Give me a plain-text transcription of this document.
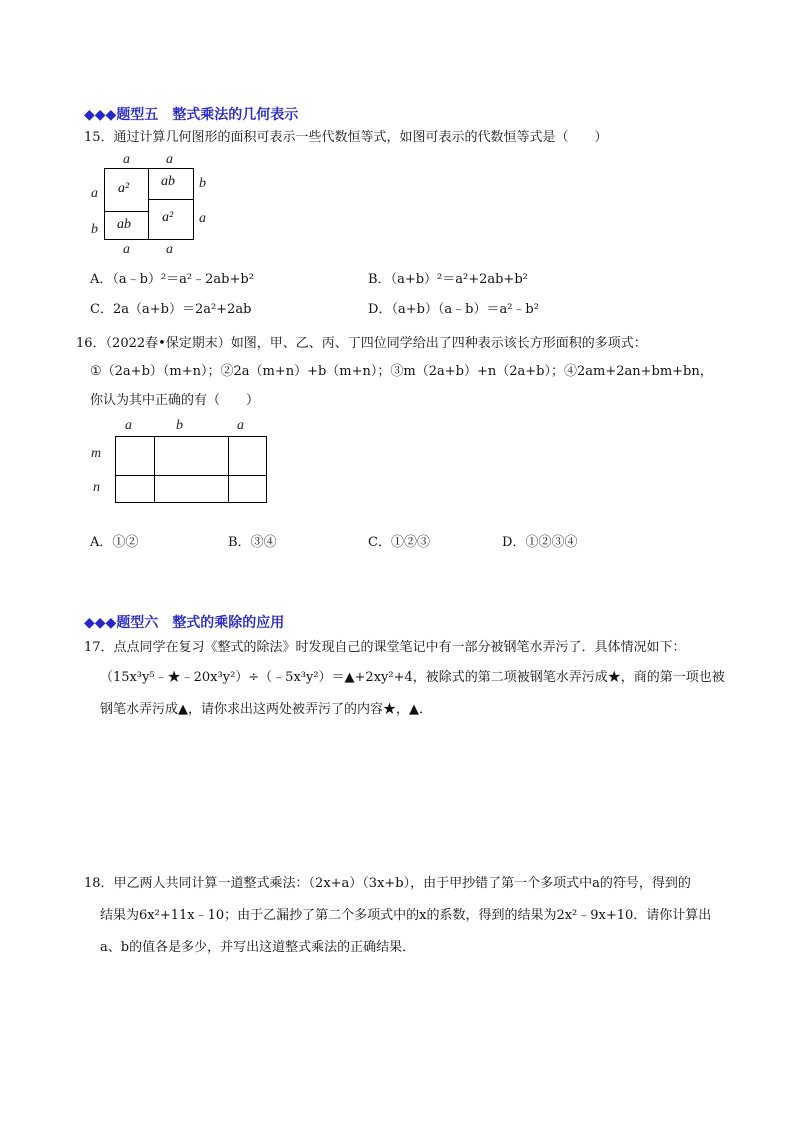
◆◆◆题型五 整式乘法的几何表示
15．通过计算几何图形的面积可表示一些代数恒等式，如图可表示的代数恒等式是（　　）
a	a
a
b
b
a
a	a
a² ab
ab a²
A．（a﹣b）²＝a²﹣2ab+b²	B．（a+b）²＝a²+2ab+b²
C．2a（a+b）＝2a²+2ab	D．（a+b）（a﹣b）＝a²﹣b²
16．（2022春•保定期末）如图，甲、乙、丙、丁四位同学给出了四种表示该长方形面积的多项式：
①（2a+b）（m+n）；②2a（m+n）+b（m+n）；③m（2a+b）+n（2a+b）；④2am+2an+bm+bn，
你认为其中正确的有（　　）
a	b	a
m
n
A．①②	B．③④	C．①②③	D．①②③④
◆◆◆题型六 整式的乘除的应用
17．点点同学在复习《整式的除法》时发现自己的课堂笔记中有一部分被钢笔水弄污了．具体情况如下：
（15x³y⁵﹣★﹣20x³y²）÷（﹣5x³y²）＝▲+2xy²+4，被除式的第二项被钢笔水弄污成★，商的第一项也被
钢笔水弄污成▲，请你求出这两处被弄污了的内容★，▲．
18．甲乙两人共同计算一道整式乘法：（2x+a）（3x+b），由于甲抄错了第一个多项式中a的符号，得到的
结果为6x²+11x﹣10；由于乙漏抄了第二个多项式中的x的系数，得到的结果为2x²﹣9x+10．请你计算出
a、b的值各是多少，并写出这道整式乘法的正确结果．
